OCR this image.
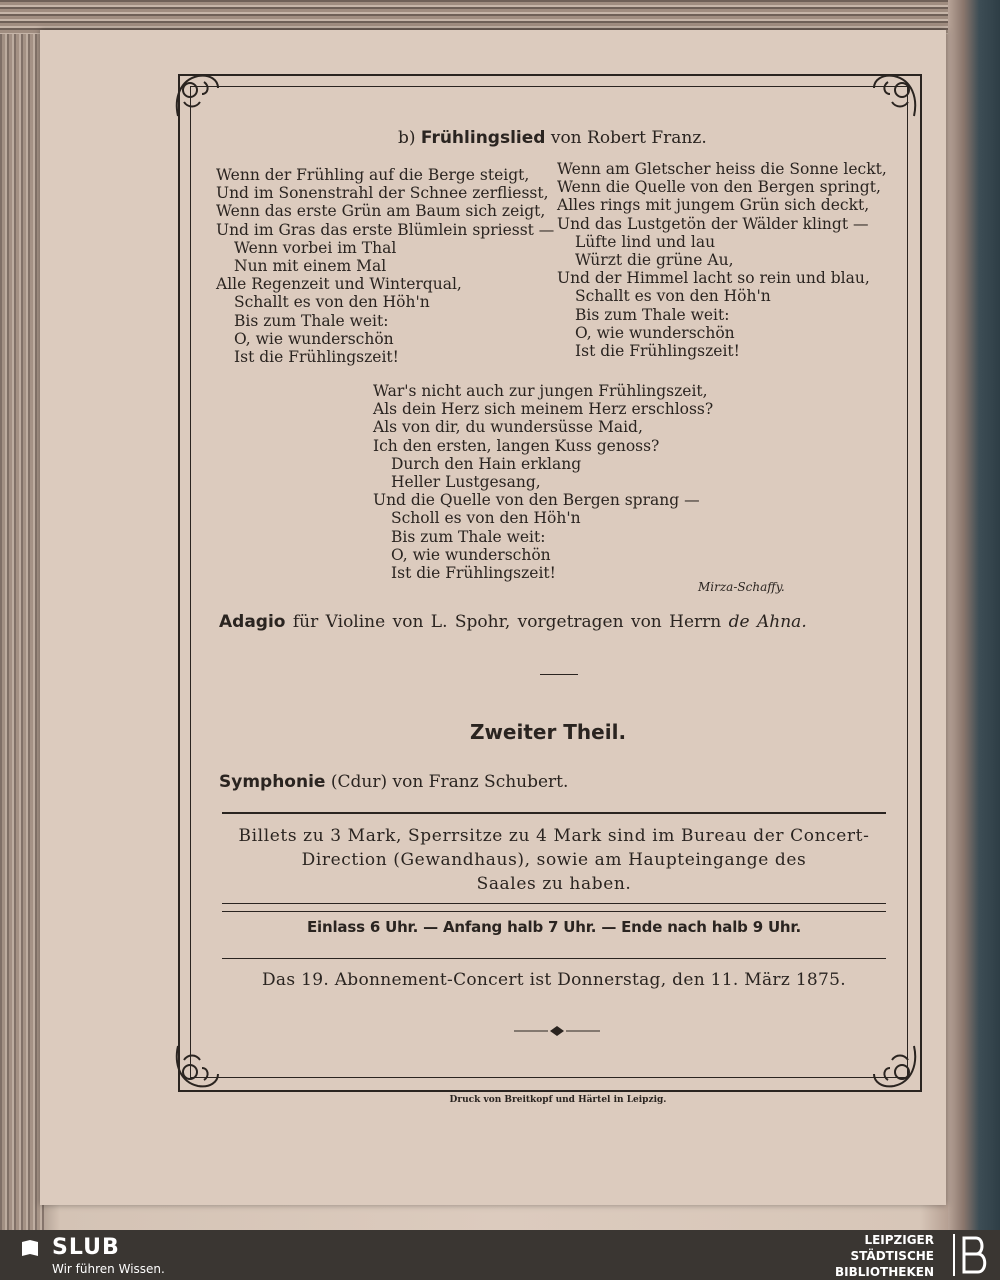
b) Frühlingslied von Robert Franz.
Wenn der Frühling auf die Berge steigt,
Und im Sonenstrahl der Schnee zerfliesst,
Wenn das erste Grün am Baum sich zeigt,
Und im Gras das erste Blümlein spriesst —
Wenn vorbei im Thal
Nun mit einem Mal
Alle Regenzeit und Winterqual,
Schallt es von den Höh'n
Bis zum Thale weit:
O, wie wunderschön
Ist die Frühlingszeit!
Wenn am Gletscher heiss die Sonne leckt,
Wenn die Quelle von den Bergen springt,
Alles rings mit jungem Grün sich deckt,
Und das Lustgetön der Wälder klingt —
Lüfte lind und lau
Würzt die grüne Au,
Und der Himmel lacht so rein und blau,
Schallt es von den Höh'n
Bis zum Thale weit:
O, wie wunderschön
Ist die Frühlingszeit!
War's nicht auch zur jungen Frühlingszeit,
Als dein Herz sich meinem Herz erschloss?
Als von dir, du wundersüsse Maid,
Ich den ersten, langen Kuss genoss?
Durch den Hain erklang
Heller Lustgesang,
Und die Quelle von den Bergen sprang —
Scholl es von den Höh'n
Bis zum Thale weit:
O, wie wunderschön
Ist die Frühlingszeit!
Mirza-Schaffy.
Adagio für Violine von L. Spohr, vorgetragen von Herrn de Ahna.
Zweiter Theil.
Symphonie (Cdur) von Franz Schubert.
Billets zu 3 Mark, Sperrsitze zu 4 Mark sind im Bureau der Concert-
Direction (Gewandhaus), sowie am Haupteingange des
Saales zu haben.
Einlass 6 Uhr. — Anfang halb 7 Uhr. — Ende nach halb 9 Uhr.
Das 19. Abonnement-Concert ist Donnerstag, den 11. März 1875.
Druck von Breitkopf und Härtel in Leipzig.
SLUB
Wir führen Wissen.
LEIPZIGER
STÄDTISCHE
BIBLIOTHEKEN
